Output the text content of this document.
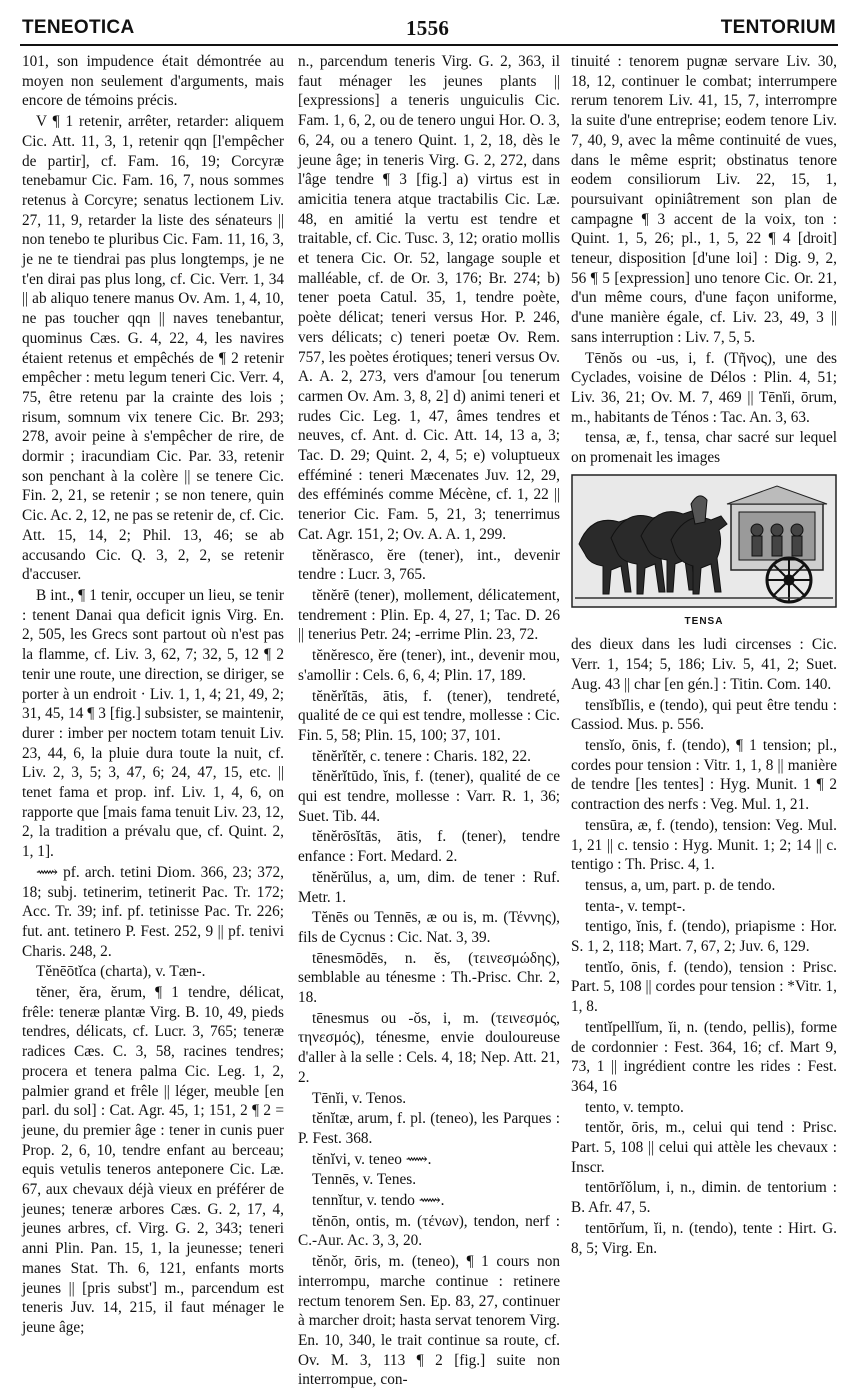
TENEOTICA	1556	TENTORIUM

101, son impudence était démontrée au moyen non seulement d'arguments, mais encore de témoins précis.

V ¶ 1 retenir, arrêter, retarder: aliquem Cic. Att. 11, 3, 1, retenir qqn [l'empêcher de partir], cf. Fam. 16, 19; Corcyræ tenebamur Cic. Fam. 16, 7, nous sommes retenus à Corcyre; senatus lectionem Liv. 27, 11, 9, retarder la liste des sénateurs || non tenebo te pluribus Cic. Fam. 11, 16, 3, je ne te tiendrai pas plus longtemps, je ne t'en dirai pas plus long, cf. Cic. Verr. 1, 34 || ab aliquo tenere manus Ov. Am. 1, 4, 10, ne pas toucher qqn || naves tenebantur, quominus Cæs. G. 4, 22, 4, les navires étaient retenus et empêchés de ¶ 2 retenir empêcher : metu legum teneri Cic. Verr. 4, 75, être retenu par la crainte des lois ; risum, somnum vix tenere Cic. Br. 293; 278, avoir peine à s'empêcher de rire, de dormir ; iracundiam Cic. Par. 33, retenir son penchant à la colère || se tenere Cic. Fin. 2, 21, se retenir ; se non tenere, quin Cic. Ac. 2, 12, ne pas se retenir de, cf. Cic. Att. 15, 14, 2; Phil. 13, 46; se ab accusando Cic. Q. 3, 2, 2, se retenir d'accuser.

B int., ¶ 1 tenir, occuper un lieu, se tenir : tenent Danai qua deficit ignis Virg. En. 2, 505, les Grecs sont partout où n'est pas la flamme, cf. Liv. 3, 62, 7; 32, 5, 12 ¶ 2 tenir une route, une direction, se diriger, se porter à un endroit · Liv. 1, 1, 4; 21, 49, 2; 31, 45, 14 ¶ 3 [fig.] subsister, se maintenir, durer : imber per noctem totam tenuit Liv. 23, 44, 6, la pluie dura toute la nuit, cf. Liv. 2, 3, 5; 3, 47, 6; 24, 47, 15, etc. || tenet fama et prop. inf. Liv. 1, 4, 6, on rapporte que [mais fama tenuit Liv. 23, 12, 2, la tradition a prévalu que, cf. Quint. 2, 1, 1].

⟿ pf. arch. tetini Diom. 366, 23; 372, 18; subj. tetinerim, tetinerit Pac. Tr. 172; Acc. Tr. 39; inf. pf. tetinisse Pac. Tr. 226; fut. ant. tetinero P. Fest. 252, 9 || pf. tenivi Charis. 248, 2.

Tĕnēōtĭca (charta), v. Tæn-.

tĕner, ĕra, ĕrum, ¶ 1 tendre, délicat, frêle: teneræ plantæ Virg. B. 10, 49, pieds tendres, délicats, cf. Lucr. 3, 765; teneræ radices Cæs. C. 3, 58, racines tendres; procera et tenera palma Cic. Leg. 1, 2, palmier grand et frêle || léger, meuble [en parl. du sol] : Cat. Agr. 45, 1; 151, 2 ¶ 2 = jeune, du premier âge : tener in cunis puer Prop. 2, 6, 10, tendre enfant au berceau; equis vetulis teneros anteponere Cic. Læ. 67, aux chevaux déjà vieux en préférer de jeunes; teneræ arbores Cæs. G. 2, 17, 4, jeunes arbres, cf. Virg. G. 2, 343; teneri anni Plin. Pan. 15, 1, la jeunesse; teneri manes Stat. Th. 6, 121, enfants morts jeunes || [pris subst'] m., parcendum est teneris Juv. 14, 215, il faut ménager le jeune âge;

n., parcendum teneris Virg. G. 2, 363, il faut ménager les jeunes plants || [expressions] a teneris unguiculis Cic. Fam. 1, 6, 2, ou de tenero ungui Hor. O. 3, 6, 24, ou a tenero Quint. 1, 2, 18, dès le jeune âge; in teneris Virg. G. 2, 272, dans l'âge tendre ¶ 3 [fig.] a) virtus est in amicitia tenera atque tractabilis Cic. Læ. 48, en amitié la vertu est tendre et traitable, cf. Cic. Tusc. 3, 12; oratio mollis et tenera Cic. Or. 52, langage souple et malléable, cf. de Or. 3, 176; Br. 274; b) tener poeta Catul. 35, 1, tendre poète, poète délicat; teneri versus Hor. P. 246, vers délicats; c) teneri poetæ Ov. Rem. 757, les poètes érotiques; teneri versus Ov. A. A. 2, 273, vers d'amour [ou tenerum carmen Ov. Am. 3, 8, 2] d) animi teneri et rudes Cic. Leg. 1, 47, âmes tendres et neuves, cf. Ant. d. Cic. Att. 14, 13 a, 3; Tac. D. 29; Quint. 2, 4, 5; e) voluptueux efféminé : teneri Mæcenates Juv. 12, 29, des efféminés comme Mécène, cf. 1, 22 || tenerior Cic. Fam. 5, 21, 3; tenerrimus Cat. Agr. 151, 2; Ov. A. A. 1, 299.

tĕnĕrasco, ĕre (tener), int., devenir tendre : Lucr. 3, 765.

tĕnĕrē (tener), mollement, délicatement, tendrement : Plin. Ep. 4, 27, 1; Tac. D. 26 || tenerius Petr. 24; -errime Plin. 23, 72.

tĕnĕresco, ĕre (tener), int., devenir mou, s'amollir : Cels. 6, 6, 4; Plin. 17, 189.

tĕnĕrĭtās, ātis, f. (tener), tendreté, qualité de ce qui est tendre, mollesse : Cic. Fin. 5, 58; Plin. 15, 100; 37, 101.

tĕnĕrĭtĕr, c. tenere : Charis. 182, 22.

tĕnĕrĭtūdo, ĭnis, f. (tener), qualité de ce qui est tendre, mollesse : Varr. R. 1, 36; Suet. Tib. 44.

tĕnĕrōsĭtās, ātis, f. (tener), tendre enfance : Fort. Medard. 2.

tĕnĕrŭlus, a, um, dim. de tener : Ruf. Metr. 1.

Tĕnēs ou Tennēs, æ ou is, m. (Τέννης), fils de Cycnus : Cic. Nat. 3, 39.

tēnesmōdēs, n. ĕs, (τεινεσμώδης), semblable au ténesme : Th.-Prisc. Chr. 2, 18.

tēnesmus ou -ŏs, i, m. (τεινεσμός, τηνεσμός), ténesme, envie douloureuse d'aller à la selle : Cels. 4, 18; Nep. Att. 21, 2.

Tēnĭi, v. Tenos.

tĕnĭtæ, arum, f. pl. (teneo), les Parques : P. Fest. 368.

tĕnĭvi, v. teneo ⟿.

Tennēs, v. Tenes.

tennĭtur, v. tendo ⟿.

tĕnōn, ontis, m. (τένων), tendon, nerf : C.-Aur. Ac. 3, 3, 20.

tĕnŏr, ōris, m. (teneo), ¶ 1 cours non interrompu, marche continue : retinere rectum tenorem Sen. Ep. 83, 27, continuer à marcher droit; hasta servat tenorem Virg. En. 10, 340, le trait continue sa route, cf. Ov. M. 3, 113 ¶ 2 [fig.] suite non interrompue, con-

tinuité : tenorem pugnæ servare Liv. 30, 18, 12, continuer le combat; interrumpere rerum tenorem Liv. 41, 15, 7, interrompre la suite d'une entreprise; eodem tenore Liv. 7, 40, 9, avec la même continuité de vues, dans le même esprit; obstinatus tenore eodem consiliorum Liv. 22, 15, 1, poursuivant opiniâtrement son plan de campagne ¶ 3 accent de la voix, ton : Quint. 1, 5, 26; pl., 1, 5, 22 ¶ 4 [droit] teneur, disposition [d'une loi] : Dig. 9, 2, 56 ¶ 5 [expression] uno tenore Cic. Or. 21, d'un même cours, d'une façon uniforme, d'une manière égale, cf. Liv. 23, 49, 3 || sans interruption : Liv. 7, 5, 5.

Tēnŏs ou -us, i, f. (Τῆνος), une des Cyclades, voisine de Délos : Plin. 4, 51; Liv. 36, 21; Ov. M. 7, 469 || Tēnĭi, ōrum, m., habitants de Ténos : Tac. An. 3, 63.

tensa, æ, f., tensa, char sacré sur lequel on promenait les images

TENSA

des dieux dans les ludi circenses : Cic. Verr. 1, 154; 5, 186; Liv. 5, 41, 2; Suet. Aug. 43 || char [en gén.] : Titin. Com. 140.

tensĭbĭlis, e (tendo), qui peut être tendu : Cassiod. Mus. p. 556.

tensĭo, ōnis, f. (tendo), ¶ 1 tension; pl., cordes pour tension : Vitr. 1, 1, 8 || manière de tendre [les tentes] : Hyg. Munit. 1 ¶ 2 contraction des nerfs : Veg. Mul. 1, 21.

tensūra, æ, f. (tendo), tension: Veg. Mul. 1, 21 || c. tensio : Hyg. Munit. 1; 2; 14 || c. tentigo : Th. Prisc. 4, 1.

tensus, a, um, part. p. de tendo.

tenta-, v. tempt-.

tentigo, ĭnis, f. (tendo), priapisme : Hor. S. 1, 2, 118; Mart. 7, 67, 2; Juv. 6, 129.

tentĭo, ōnis, f. (tendo), tension : Prisc. Part. 5, 108 || cordes pour tension : *Vitr. 1, 1, 8.

tentĭpellĭum, ĭi, n. (tendo, pellis), forme de cordonnier : Fest. 364, 16; cf. Mart 9, 73, 1 || ingrédient contre les rides : Fest. 364, 16

tento, v. tempto.

tentŏr, ōris, m., celui qui tend : Prisc. Part. 5, 108 || celui qui attèle les chevaux : Inscr.

tentōrĭŏlum, i, n., dimin. de tentorium : B. Afr. 47, 5.

tentōrĭum, ĭi, n. (tendo), tente : Hirt. G. 8, 5; Virg. En.
